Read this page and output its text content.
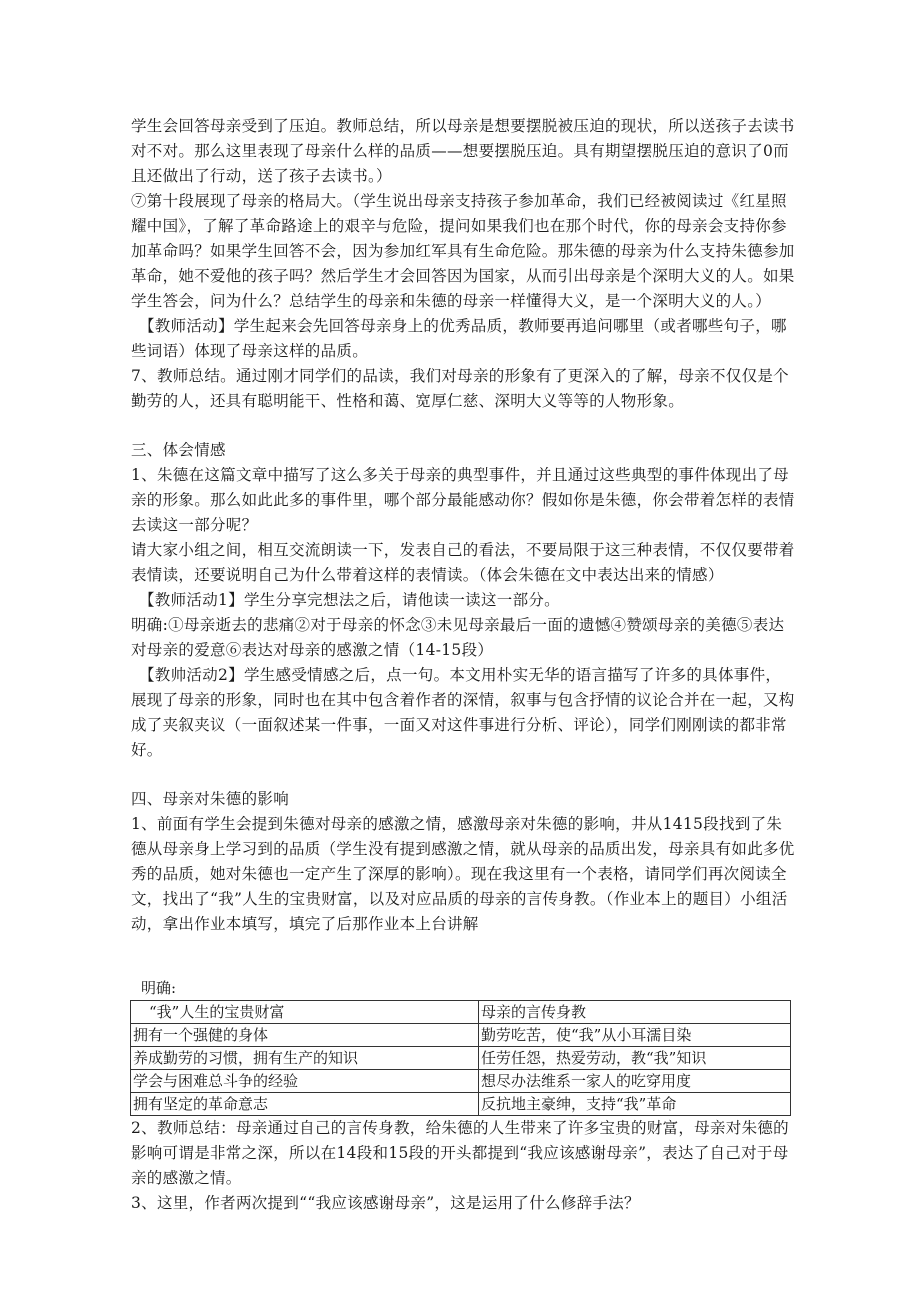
学生会回答母亲受到了压迫。教师总结，所以母亲是想要摆脱被压迫的现状，所以送孩子去读书对不对。那么这里表现了母亲什么样的品质——想要摆脱压迫。具有期望摆脱压迫的意识了0而且还做出了行动，送了孩子去读书。）

⑦第十段展现了母亲的格局大。（学生说出母亲支持孩子参加革命，我们已经被阅读过《红星照耀中国》，了解了革命路途上的艰辛与危险，提问如果我们也在那个时代，你的母亲会支持你参加革命吗？如果学生回答不会，因为参加红军具有生命危险。那朱德的母亲为什么支持朱德参加革命，她不爱他的孩子吗？然后学生才会回答因为国家，从而引出母亲是个深明大义的人。如果学生答会，问为什么？总结学生的母亲和朱德的母亲一样懂得大义，是一个深明大义的人。）

【教师活动】学生起来会先回答母亲身上的优秀品质，教师要再追问哪里（或者哪些句子，哪些词语）体现了母亲这样的品质。

7、教师总结。通过刚才同学们的品读，我们对母亲的形象有了更深入的了解，母亲不仅仅是个勤劳的人，还具有聪明能干、性格和蔼、宽厚仁慈、深明大义等等的人物形象。

三、体会情感

1、朱德在这篇文章中描写了这么多关于母亲的典型事件，并且通过这些典型的事件体现出了母亲的形象。那么如此此多的事件里，哪个部分最能感动你？假如你是朱德，你会带着怎样的表情去读这一部分呢？

请大家小组之间，相互交流朗读一下，发表自己的看法，不要局限于这三种表情，不仅仅要带着表情读，还要说明自己为什么带着这样的表情读。（体会朱德在文中表达出来的情感）

【教师活动1】学生分享完想法之后，请他读一读这一部分。

明确:①母亲逝去的悲痛②对于母亲的怀念③未见母亲最后一面的遗憾④赞颂母亲的美德⑤表达对母亲的爱意⑥表达对母亲的感激之情（14-15段）

【教帅活动2】学生感受情感之后，点一句。本文用朴实无华的语言描写了许多的具体事件，展现了母亲的形象，同时也在其中包含着作者的深情，叙事与包含抒情的议论合并在一起，又构成了夹叙夹议（一面叙述某一件事，一面又对这件事进行分析、评论），同学们刚刚读的都非常好。

四、母亲对朱德的影响

1、前面有学生会提到朱德对母亲的感激之情，感激母亲对朱德的影响，井从1415段找到了朱德从母亲身上学习到的品质（学生没有提到感激之情，就从母亲的品质出发，母亲具有如此多优秀的品质，她对朱德也一定产生了深厚的影响）。现在我这里有一个表格，请同学们再次阅读全文，找出了“我”人生的宝贵财富，以及对应品质的母亲的言传身教。（作业本上的题目）小组活动，拿出作业本填写，填完了后那作业本上台讲解

明确:
“我”人生的宝贵财富	母亲的言传身教
拥有一个强健的身体	勤劳吃苦，使“我”从小耳濡目染
养成勤劳的习惯，拥有生产的知识	任劳任怨，热爱劳动，教“我”知识
学会与困难总斗争的经验	想尽办法维系一家人的吃穿用度
拥有坚定的革命意志	反抗地主豪绅，支持“我”革命

2、教师总结：母亲通过自己的言传身教，给朱德的人生带来了许多宝贵的财富，母亲对朱德的影响可谓是非常之深，所以在14段和15段的开头都提到“我应该感谢母亲”，表达了自己对于母亲的感激之情。

3、这里，作者两次提到““我应该感谢母亲”，这是运用了什么修辞手法？
